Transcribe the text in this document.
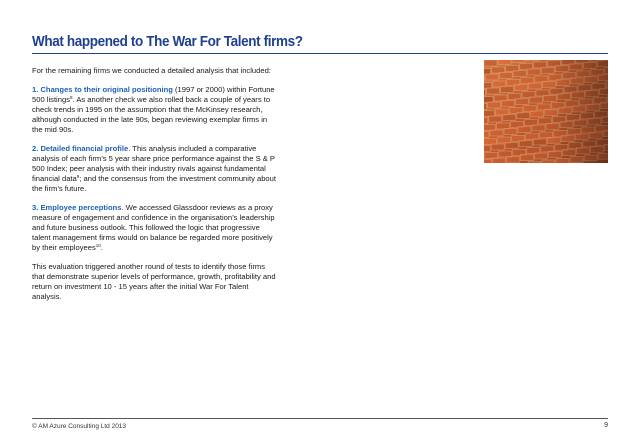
What happened to The War For Talent firms?

For the remaining firms we conducted a detailed analysis that included:

1. Changes to their original positioning (1997 or 2000) within Fortune 500 listings$^8$. As another check we also rolled back a couple of years to check trends in 1995 on the assumption that the McKinsey research, although conducted in the late 90s, began reviewing exemplar firms in the mid 90s.

2. Detailed financial profile. This analysis included a comparative analysis of each firm’s 5 year share price performance against the S & P 500 Index; peer analysis with their industry rivals against fundamental financial data$^9$; and the consensus from the investment community about the firm’s future.

3. Employee perceptions. We accessed Glassdoor reviews as a proxy measure of engagement and confidence in the organisation’s leadership and future business outlook. This followed the logic that progressive talent management firms would on balance be regarded more positively by their employees$^{10}$.

This evaluation triggered another round of tests to identify those firms that demonstrate superior levels of performance, growth, profitability and return on investment 10 - 15 years after the initial War For Talent analysis.

© AM Azure Consulting Ltd 2013	9
